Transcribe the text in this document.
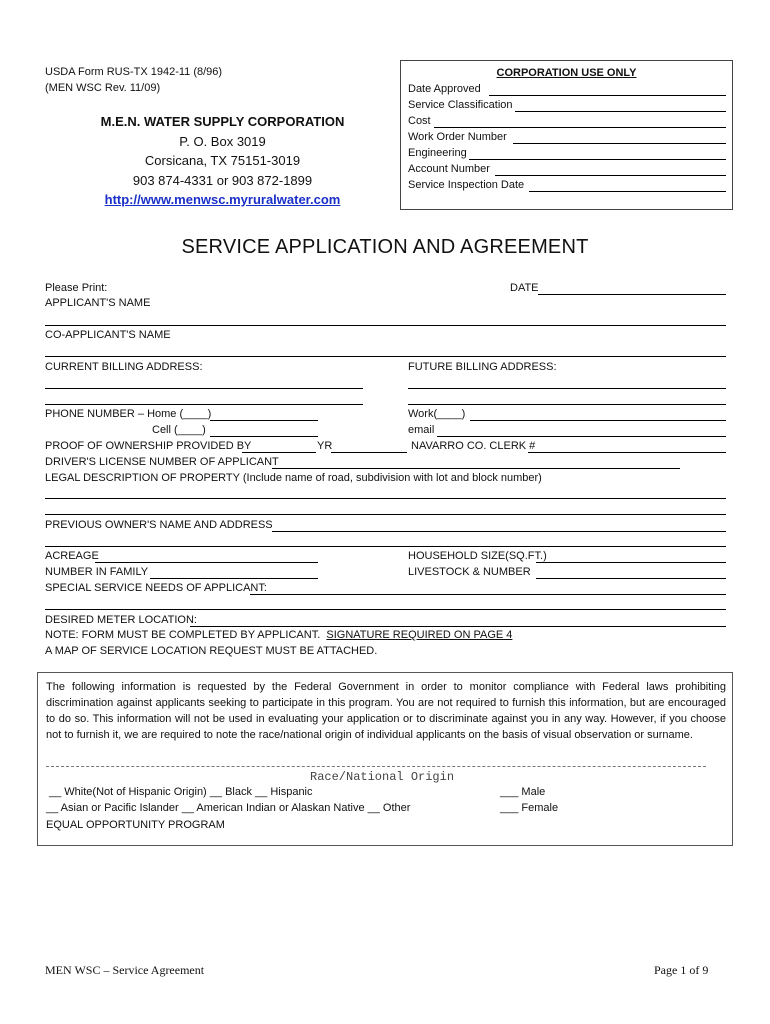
USDA Form RUS-TX 1942-11 (8/96)
(MEN WSC Rev. 11/09)
M.E.N. WATER SUPPLY CORPORATION
P. O. Box 3019
Corsicana, TX 75151-3019
903 874-4331 or 903 872-1899
http://www.menwsc.myruralwater.com
CORPORATION USE ONLY
Date Approved
Service Classification
Cost
Work Order Number
Engineering
Account Number
Service Inspection Date
SERVICE APPLICATION AND AGREEMENT
Please Print:	DATE
APPLICANT'S NAME
CO-APPLICANT'S NAME
CURRENT BILLING ADDRESS:	FUTURE BILLING ADDRESS:
PHONE NUMBER – Home (____)	Work(____)
Cell (____)	email
PROOF OF OWNERSHIP PROVIDED BY	YR	NAVARRO CO. CLERK #
DRIVER'S LICENSE NUMBER OF APPLICANT
LEGAL DESCRIPTION OF PROPERTY (Include name of road, subdivision with lot and block number)
PREVIOUS OWNER'S NAME AND ADDRESS
ACREAGE	HOUSEHOLD SIZE(SQ.FT.)
NUMBER IN FAMILY	LIVESTOCK & NUMBER
SPECIAL SERVICE NEEDS OF APPLICANT:
DESIRED METER LOCATION:
NOTE: FORM MUST BE COMPLETED BY APPLICANT. SIGNATURE REQUIRED ON PAGE 4
A MAP OF SERVICE LOCATION REQUEST MUST BE ATTACHED.
The following information is requested by the Federal Government in order to monitor compliance with Federal laws prohibiting discrimination against applicants seeking to participate in this program. You are not required to furnish this information, but are encouraged to do so. This information will not be used in evaluating your application or to discriminate against you in any way. However, if you choose not to furnish it, we are required to note the race/national origin of individual applicants on the basis of visual observation or surname.
Race/National Origin
__ White(Not of Hispanic Origin) __ Black __ Hispanic	___ Male
__ Asian or Pacific Islander __ American Indian or Alaskan Native __ Other	___ Female
EQUAL OPPORTUNITY PROGRAM
MEN WSC – Service Agreement	Page 1 of 9
